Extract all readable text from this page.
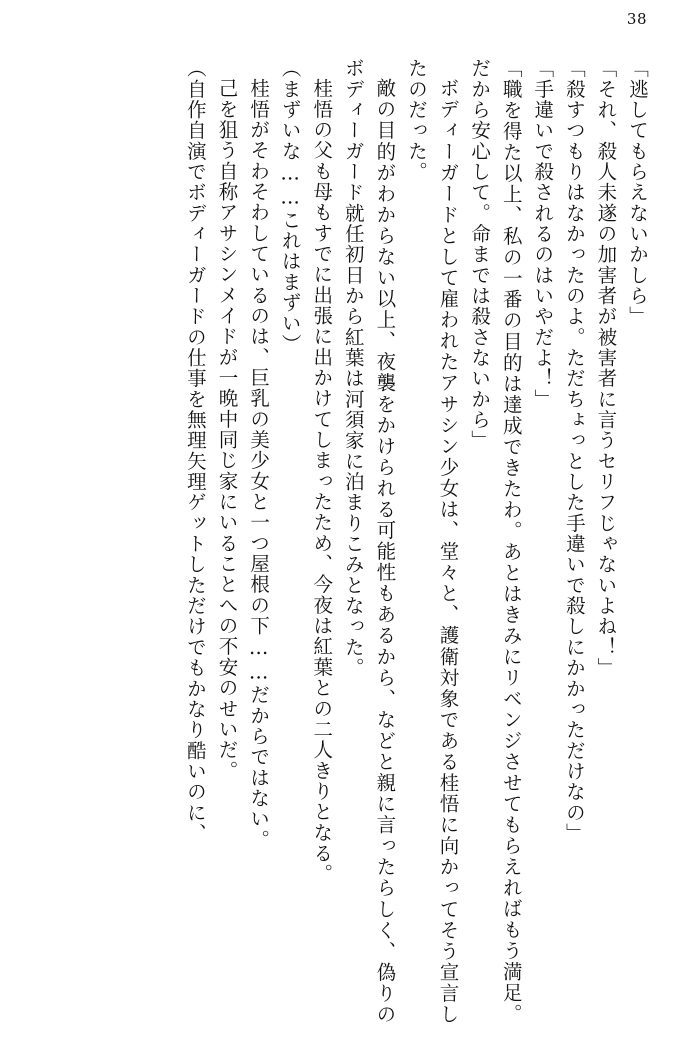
38

「逃してもらえないかしら」

「それ、殺人未遂の加害者が被害者に言うセリフじゃないよね！」

「殺すつもりはなかったのよ。ただちょっとした手違いで殺しにかかっただけなの」

「手違いで殺されるのはいやだよ！」

「職を得た以上、私の一番の目的は達成できたわ。あとはきみにリベンジさせてもらえればもう満足。だから安心して。命までは殺さないから」

ボディーガードとして雇われたアサシン少女は、堂々と、護衛対象である桂悟に向かってそう宣言したのだった。

敵の目的がわからない以上、夜襲をかけられる可能性もあるから、などと親に言ったらしく、偽りのボディーガード就任初日から紅葉は河須家に泊まりこみとなった。

桂悟の父も母もすでに出張に出かけてしまったため、今夜は紅葉との二人きりとなる。

（まずいな……これはまずい）

桂悟がそわそわしているのは、巨乳の美少女と一つ屋根の下……だからではない。

己を狙う自称アサシンメイドが一晩中同じ家にいることへの不安のせいだ。

（自作自演でボディーガードの仕事を無理矢理ゲットしただけでもかなり酷いのに、
